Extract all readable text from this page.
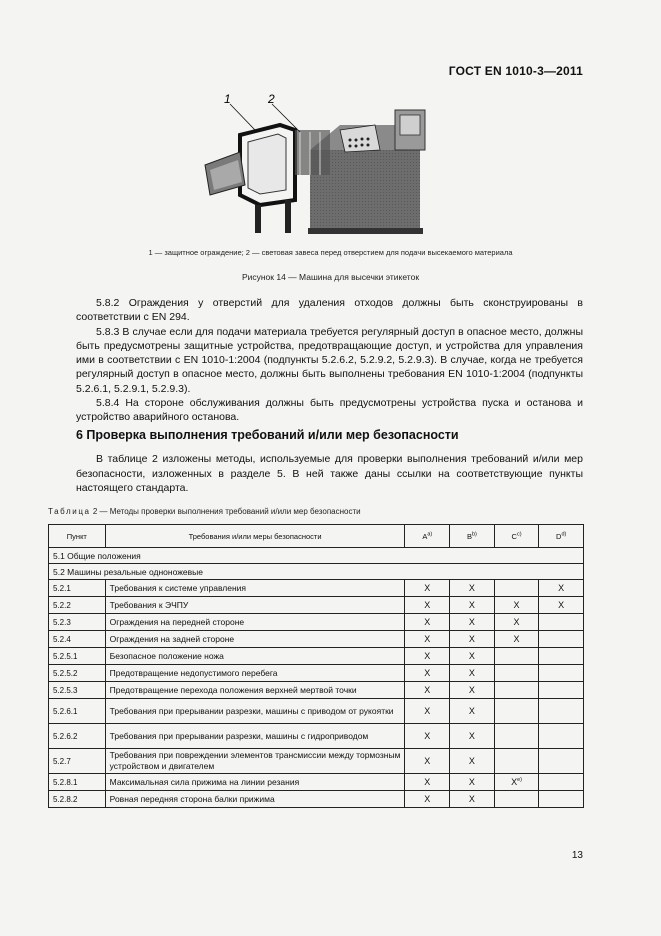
ГОСТ EN 1010-3—2011
1	2
1 — защитное ограждение; 2 — световая завеса перед отверстием для подачи высекаемого материала
Рисунок 14 — Машина для высечки этикеток

5.8.2 Ограждения у отверстий для удаления отходов должны быть сконструированы в соответствии с EN 294.

5.8.3 В случае если для подачи материала требуется регулярный доступ в опасное место, должны быть предусмотрены защитные устройства, предотвращающие доступ, и устройства для управления ими в соответствии с EN 1010-1:2004 (подпункты 5.2.6.2, 5.2.9.2, 5.2.9.3). В случае, когда не требуется регулярный доступ в опасное место, должны быть выполнены требования EN 1010-1:2004 (подпункты 5.2.6.1, 5.2.9.1, 5.2.9.3).

5.8.4 На стороне обслуживания должны быть предусмотрены устройства пуска и останова и устройство аварийного останова.

6 Проверка выполнения требований и/или мер безопасности
В таблице 2 изложены методы, используемые для проверки выполнения требований и/или мер безопасности, изложенных в разделе 5. В ней также даны ссылки на соответствующие пункты настоящего стандарта.
Таблица 2 — Методы проверки выполнения требований и/или мер безопасности
Пункт	Требования и/или меры безопасности	$A^{a)}$	$B^{b)}$	$C^{c)}$	$D^{d)}$
5.1 Общие положения					
5.2 Машины резальные одноножевые					
5.2.1	Требования к системе управления	X	X		X
5.2.2	Требования к ЭЧПУ	X	X	X	X
5.2.3	Ограждения на передней стороне	X	X	X	
5.2.4	Ограждения на задней стороне	X	X	X	
5.2.5.1	Безопасное положение ножа	X	X		
5.2.5.2	Предотвращение недопустимого перебега	X	X		
5.2.5.3	Предотвращение перехода положения верхней мертвой точки	X	X		
5.2.6.1	Требования при прерывании разрезки, машины с приводом от рукоятки	X	X		
5.2.6.2	Требования при прерывании разрезки, машины с гидроприводом	X	X		
5.2.7	Требования при повреждении элементов трансмиссии между тормозным устройством и двигателем	X	X		
5.2.8.1	Максимальная сила прижима на линии резания	X	X	$X^{e)}$	
5.2.8.2	Ровная передняя сторона балки прижима	X	X		
13
